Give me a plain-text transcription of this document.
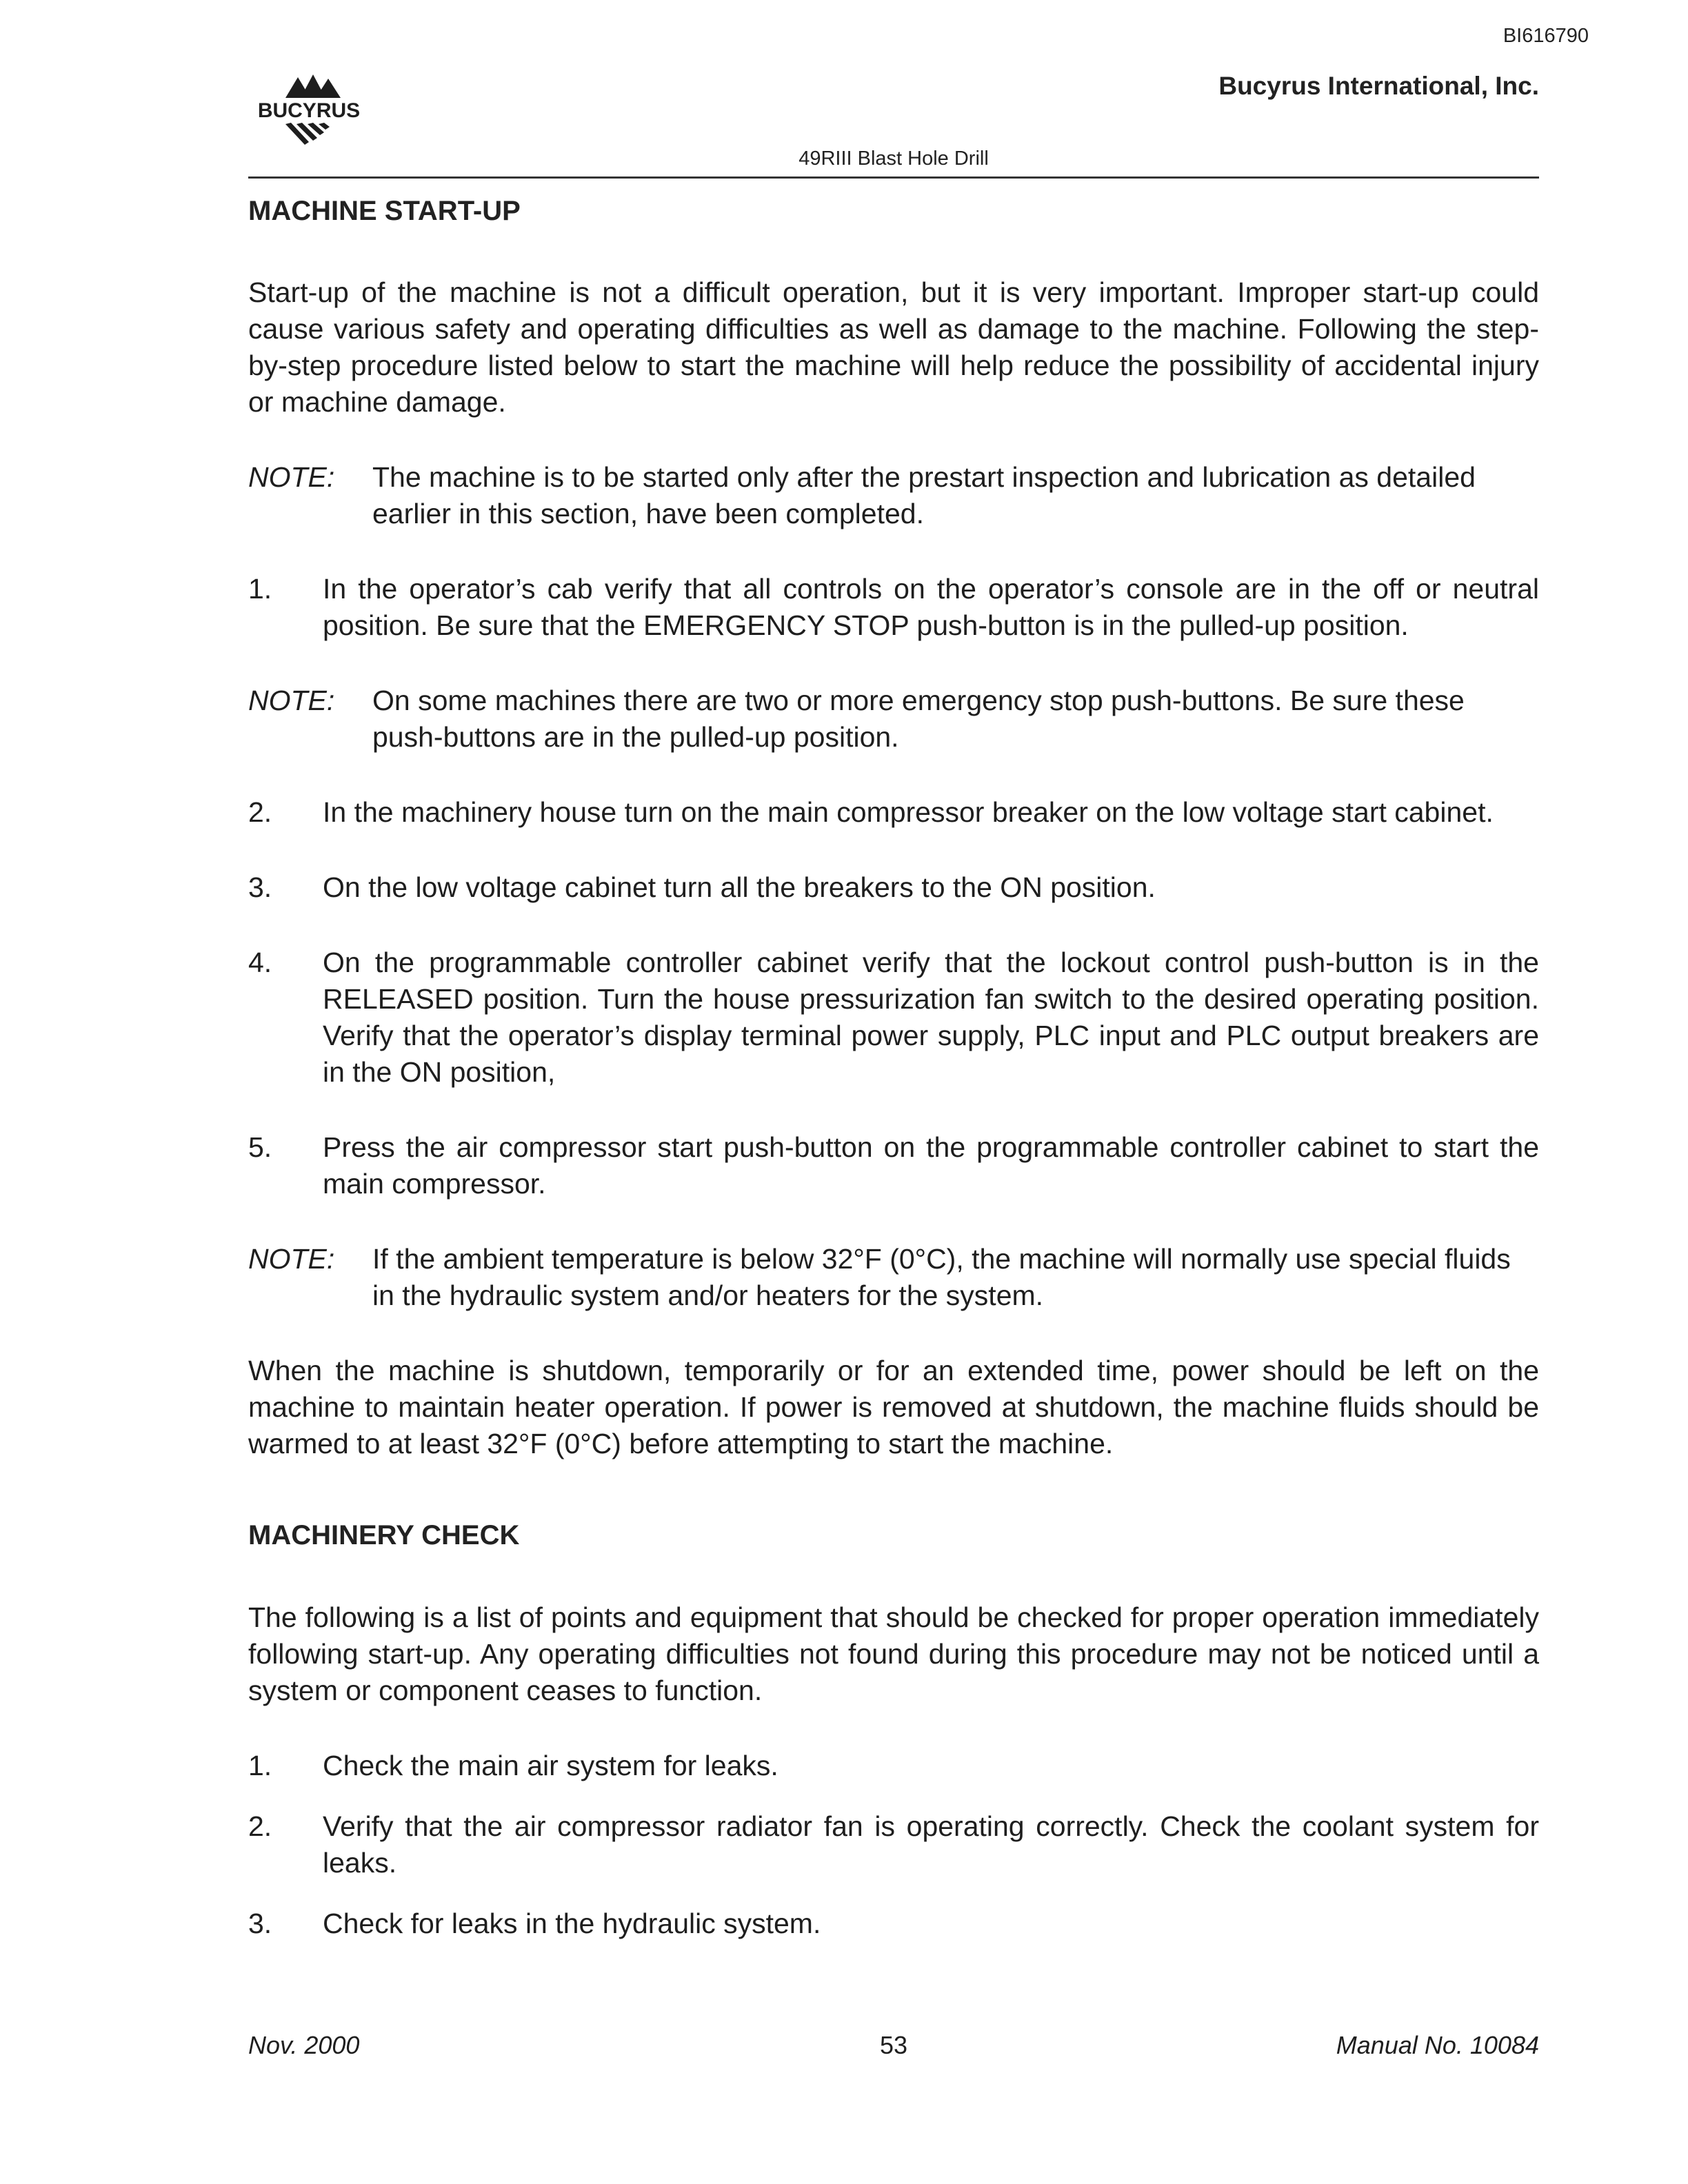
BI616790
BUCYRUS
Bucyrus International, Inc.
49RIII Blast Hole Drill
MACHINE START-UP

Start-up of the machine is not a difficult operation, but it is very important. Improper start-up could cause various safety and operating difficulties as well as damage to the machine. Following the step-by-step procedure listed below to start the machine will help reduce the possibility of accidental injury or machine damage.

NOTE: The machine is to be started only after the prestart inspection and lubrication as detailed earlier in this section, have been completed.
1. In the operator’s cab verify that all controls on the operator’s console are in the off or neutral position. Be sure that the EMERGENCY STOP push-button is in the pulled-up position.
NOTE: On some machines there are two or more emergency stop push-buttons. Be sure these push-buttons are in the pulled-up position.
2. In the machinery house turn on the main compressor breaker on the low voltage start cabinet.
3. On the low voltage cabinet turn all the breakers to the ON position.
4. On the programmable controller cabinet verify that the lockout control push-button is in the RELEASED position. Turn the house pressurization fan switch to the desired operating position. Verify that the operator’s display terminal power supply, PLC input and PLC output breakers are in the ON position,
5. Press the air compressor start push-button on the programmable controller cabinet to start the main compressor.
NOTE: If the ambient temperature is below 32°F (0°C), the machine will normally use special fluids in the hydraulic system and/or heaters for the system.

When the machine is shutdown, temporarily or for an extended time, power should be left on the machine to maintain heater operation. If power is removed at shutdown, the machine fluids should be warmed to at least 32°F (0°C) before attempting to start the machine.

MACHINERY CHECK

The following is a list of points and equipment that should be checked for proper operation immediately following start-up. Any operating difficulties not found during this procedure may not be noticed until a system or component ceases to function.

1. Check the main air system for leaks.
2. Verify that the air compressor radiator fan is operating correctly. Check the coolant system for leaks.
3. Check for leaks in the hydraulic system.
Nov. 2000	53	Manual No. 10084
